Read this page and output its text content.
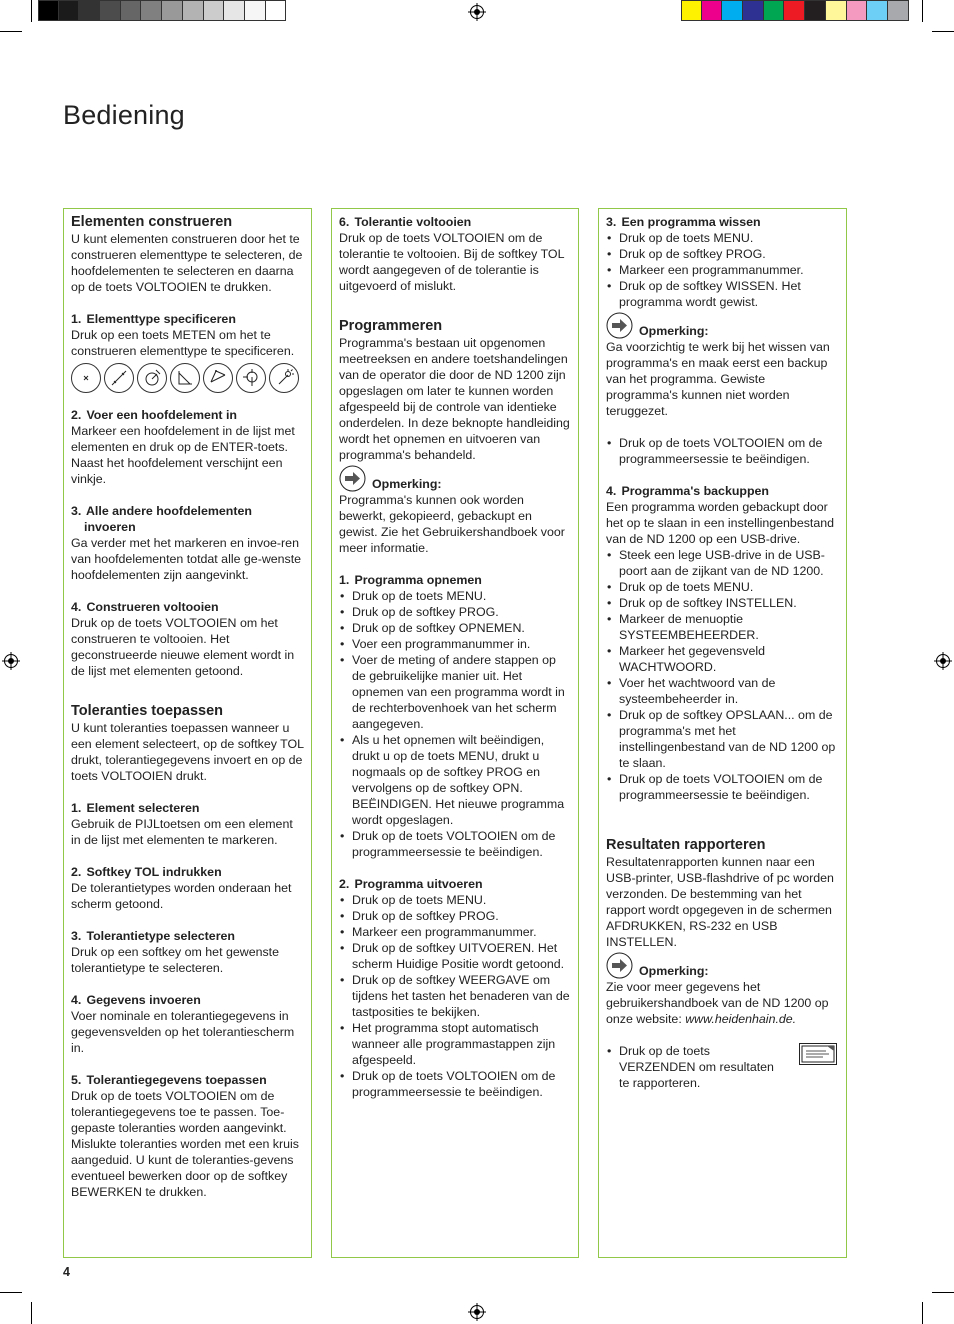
Bediening
Elementen construeren

U kunt elementen construeren door het te construeren elementtype te selecteren, de hoofdelementen te selecteren en daarna op de toets VOLTOOIEN te drukken.

1. Elementtype specificeren

Druk op een toets METEN om het te construeren elementtype te specificeren.

2. Voer een hoofdelement in

Markeer een hoofdelement in de lijst met elementen en druk op de ENTER-toets. Naast het hoofdelement verschijnt een vinkje.

3. Alle andere hoofdelementen
invoeren

Ga verder met het markeren en invoe-ren van hoofdelementen totdat alle ge-wenste hoofdelementen zijn aangevinkt.

4. Construeren voltooien

Druk op de toets VOLTOOIEN om het construeren te voltooien. Het geconstrueerde nieuwe element wordt in de lijst met elementen getoond.

Toleranties toepassen

U kunt toleranties toepassen wanneer u een element selecteert, op de softkey TOL drukt, tolerantiegegevens invoert en op de toets VOLTOOIEN drukt.

1. Element selecteren

Gebruik de PIJLtoetsen om een element in de lijst met elementen te markeren.

2. Softkey TOL indrukken

De tolerantietypes worden onderaan het scherm getoond.

3. Tolerantietype selecteren

Druk op een softkey om het gewenste tolerantietype te selecteren.

4. Gegevens invoeren

Voer nominale en tolerantiegegevens in gegevensvelden op het tolerantiescherm in.

5. Tolerantiegegevens toepassen

Druk op de toets VOLTOOIEN om de tolerantiegegevens toe te passen. Toe-gepaste toleranties worden aangevinkt. Mislukte toleranties worden met een kruis aangeduid. U kunt de toleranties-gevens eventueel bewerken door op de softkey BEWERKEN te drukken.

6. Tolerantie voltooien

Druk op de toets VOLTOOIEN om de tolerantie te voltooien. Bij de softkey TOL wordt aangegeven of de tolerantie is uitgevoerd of mislukt.

Programmeren

Programma's bestaan uit opgenomen meetreeksen en andere toetshandelingen van de operator die door de ND 1200 zijn opgeslagen om later te kunnen worden afgespeeld bij de controle van identieke onderdelen. In deze beknopte handleiding wordt het opnemen en uitvoeren van programma's behandeld.

Opmerking:

Programma's kunnen ook worden bewerkt, gekopieerd, gebackupt en gewist. Zie het Gebruikershandboek voor meer informatie.

1. Programma opnemen
• Druk op de toets MENU.
• Druk op de softkey PROG.
• Druk op de softkey OPNEMEN.
• Voer een programmanummer in.
• Voer de meting of andere stappen op de gebruikelijke manier uit. Het opnemen van een programma wordt in de rechterbovenhoek van het scherm aangegeven.
• Als u het opnemen wilt beëindigen, drukt u op de toets MENU, drukt u nogmaals op de softkey PROG en vervolgens op de softkey OPN. BEËINDIGEN. Het nieuwe programma wordt opgeslagen.
• Druk op de toets VOLTOOIEN om de programmeersessie te beëindigen.
2. Programma uitvoeren
• Druk op de toets MENU.
• Druk op de softkey PROG.
• Markeer een programmanummer.
• Druk op de softkey UITVOEREN. Het scherm Huidige Positie wordt getoond.
• Druk op de softkey WEERGAVE om tijdens het tasten het benaderen van de tastposities te bekijken.
• Het programma stopt automatisch wanneer alle programmastappen zijn afgespeeld.
• Druk op de toets VOLTOOIEN om de programmeersessie te beëindigen.
3. Een programma wissen
• Druk op de toets MENU.
• Druk op de softkey PROG.
• Markeer een programmanummer.
• Druk op de softkey WISSEN. Het programma wordt gewist.
Opmerking:

Ga voorzichtig te werk bij het wissen van programma's en maak eerst een backup van het programma. Gewiste programma's kunnen niet worden teruggezet.

• Druk op de toets VOLTOOIEN om de programmeersessie te beëindigen.
4. Programma's backuppen

Een programma worden gebackupt door het op te slaan in een instellingenbestand van de ND 1200 op een USB-drive.

• Steek een lege USB-drive in de USB-poort aan de zijkant van de ND 1200.
• Druk op de toets MENU.
• Druk op de softkey INSTELLEN.
• Markeer de menuoptie SYSTEEMBEHEERDER.
• Markeer het gegevensveld WACHTWOORD.
• Voer het wachtwoord van de systeembeheerder in.
• Druk op de softkey OPSLAAN... om de programma's met het instellingenbestand van de ND 1200 op te slaan.
• Druk op de toets VOLTOOIEN om de programmeersessie te beëindigen.
Resultaten rapporteren

Resultatenrapporten kunnen naar een USB-printer, USB-flashdrive of pc worden verzonden. De bestemming van het rapport wordt opgegeven in de schermen AFDRUKKEN, RS-232 en USB INSTELLEN.

Opmerking:

Zie voor meer gegevens het gebruikershandboek van de ND 1200 op onze website: www.heidenhain.de.

• Druk op de toets VERZENDEN om resultaten te rapporteren.
4
